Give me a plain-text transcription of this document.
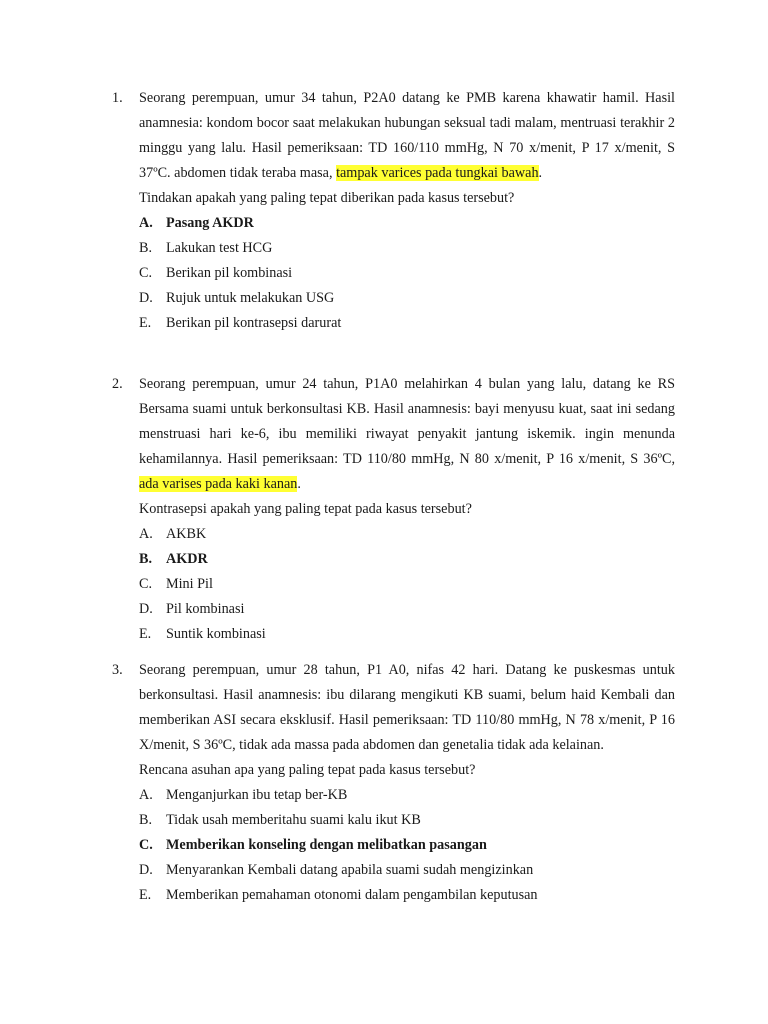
1. Seorang perempuan, umur 34 tahun, P2A0 datang ke PMB karena khawatir hamil. Hasil anamnesia: kondom bocor saat melakukan hubungan seksual tadi malam, mentruasi terakhir 2 minggu yang lalu. Hasil pemeriksaan: TD 160/110 mmHg, N 70 x/menit, P 17 x/menit, S 37ºC. abdomen tidak teraba masa, tampak varices pada tungkai bawah.

Tindakan apakah yang paling tepat diberikan pada kasus tersebut?

A. Pasang AKDR
B. Lakukan test HCG
C. Berikan pil kombinasi
D. Rujuk untuk melakukan USG
E.	Berikan pil kontrasepsi darurat
2. Seorang perempuan, umur 24 tahun, P1A0 melahirkan 4 bulan yang lalu, datang ke RS Bersama suami untuk berkonsultasi KB. Hasil anamnesis: bayi menyusu kuat, saat ini sedang menstruasi hari ke-6, ibu memiliki riwayat penyakit jantung iskemik. ingin menunda kehamilannya. Hasil pemeriksaan: TD 110/80 mmHg, N 80 x/menit, P 16 x/menit, S 36ºC, ada varises pada kaki kanan.

Kontrasepsi apakah yang paling tepat pada kasus tersebut?

A. AKBK
B. AKDR
C. Mini Pil
D. Pil kombinasi
E.	Suntik kombinasi
3. Seorang perempuan, umur 28 tahun, P1 A0, nifas 42 hari. Datang ke puskesmas untuk berkonsultasi. Hasil anamnesis: ibu dilarang mengikuti KB suami, belum haid Kembali dan memberikan ASI secara eksklusif. Hasil pemeriksaan: TD 110/80 mmHg, N 78 x/menit, P 16 X/menit, S 36ºC, tidak ada massa pada abdomen dan genetalia tidak ada kelainan.

Rencana asuhan apa yang paling tepat pada kasus tersebut?

A. Menganjurkan ibu tetap ber-KB
B. Tidak usah memberitahu suami kalu ikut KB
C. Memberikan konseling dengan melibatkan pasangan
D. Menyarankan Kembali datang apabila suami sudah mengizinkan
E.	Memberikan pemahaman otonomi dalam pengambilan keputusan
